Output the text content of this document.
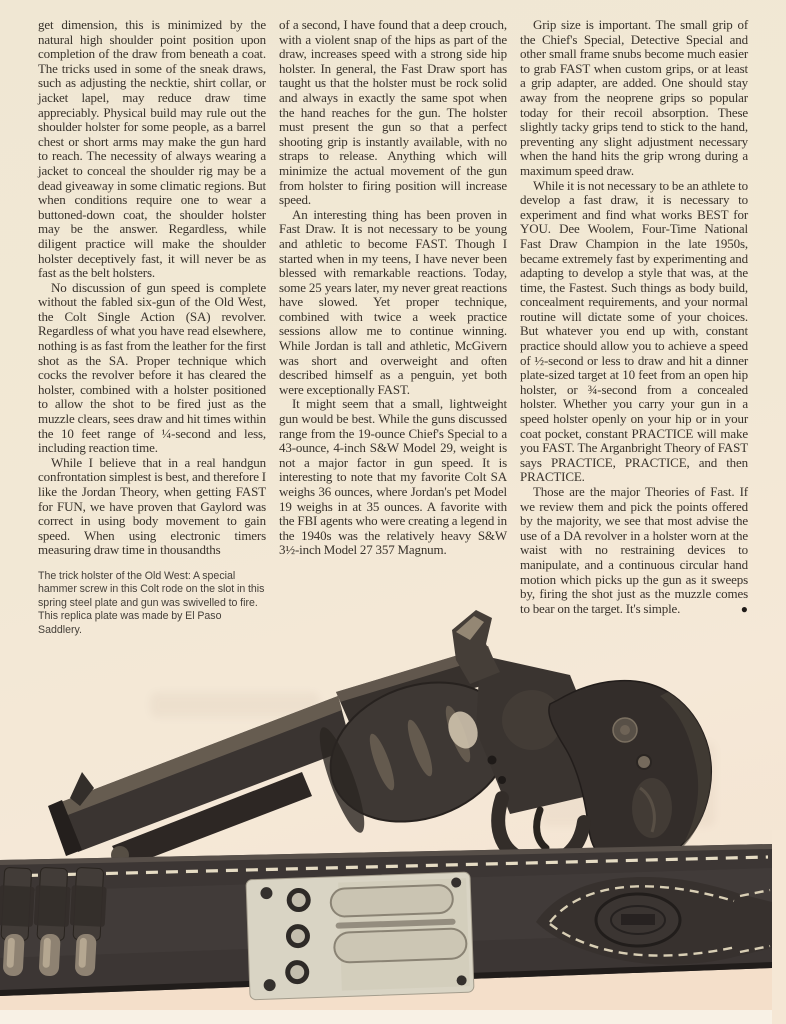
get dimension, this is minimized by the natural high shoulder point position upon completion of the draw from beneath a coat. The tricks used in some of the sneak draws, such as adjusting the necktie, shirt collar, or jacket lapel, may reduce draw time appreciably. Physical build may rule out the shoulder holster for some people, as a barrel chest or short arms may make the gun hard to reach. The necessity of always wearing a jacket to conceal the shoulder rig may be a dead giveaway in some climatic regions. But when conditions require one to wear a buttoned-down coat, the shoulder holster may be the answer. Regardless, while diligent practice will make the shoulder holster deceptively fast, it will never be as fast as the belt holsters.

No discussion of gun speed is complete without the fabled six-gun of the Old West, the Colt Single Action (SA) revolver. Regardless of what you have read elsewhere, nothing is as fast from the leather for the first shot as the SA. Proper technique which cocks the revolver before it has cleared the holster, combined with a holster positioned to allow the shot to be fired just as the muzzle clears, sees draw and hit times within the 10 feet range of ¼-second and less, including reaction time.

While I believe that in a real handgun confrontation simplest is best, and therefore I like the Jordan Theory, when getting FAST for FUN, we have proven that Gaylord was correct in using body movement to gain speed. When using electronic timers measuring draw time in thousandths

The trick holster of the Old West: A special hammer screw in this Colt rode on the slot in this spring steel plate and gun was swivelled to fire. This replica plate was made by El Paso Saddlery.

of a second, I have found that a deep crouch, with a violent snap of the hips as part of the draw, increases speed with a strong side hip holster. In general, the Fast Draw sport has taught us that the holster must be rock solid and always in exactly the same spot when the hand reaches for the gun. The holster must present the gun so that a perfect shooting grip is instantly available, with no straps to release. Anything which will minimize the actual movement of the gun from holster to firing position will increase speed.

An interesting thing has been proven in Fast Draw. It is not necessary to be young and athletic to become FAST. Though I started when in my teens, I have never been blessed with remarkable reactions. Today, some 25 years later, my never great reactions have slowed. Yet proper technique, combined with twice a week practice sessions allow me to continue winning. While Jordan is tall and athletic, McGivern was short and overweight and often described himself as a penguin, yet both were exceptionally FAST.

It might seem that a small, lightweight gun would be best. While the guns discussed range from the 19-ounce Chief's Special to a 43-ounce, 4-inch S&W Model 29, weight is not a major factor in gun speed. It is interesting to note that my favorite Colt SA weighs 36 ounces, where Jordan's pet Model 19 weighs in at 35 ounces. A favorite with the FBI agents who were creating a legend in the 1940s was the relatively heavy S&W 3½-inch Model 27 357 Magnum.

Grip size is important. The small grip of the Chief's Special, Detective Special and other small frame snubs become much easier to grab FAST when custom grips, or at least a grip adapter, are added. One should stay away from the neoprene grips so popular today for their recoil absorption. These slightly tacky grips tend to stick to the hand, preventing any slight adjustment necessary when the hand hits the grip wrong during a maximum speed draw.

While it is not necessary to be an athlete to develop a fast draw, it is necessary to experiment and find what works BEST for YOU. Dee Woolem, Four-Time National Fast Draw Champion in the late 1950s, became extremely fast by experimenting and adapting to develop a style that was, at the time, the Fastest. Such things as body build, concealment requirements, and your normal routine will dictate some of your choices. But whatever you end up with, constant practice should allow you to achieve a speed of ½-second or less to draw and hit a dinner plate-sized target at 10 feet from an open hip holster, or ¾-second from a concealed holster. Whether you carry your gun in a speed holster openly on your hip or in your coat pocket, constant PRACTICE will make you FAST. The Arganbright Theory of FAST says PRACTICE, PRACTICE, and then PRACTICE.

Those are the major Theories of Fast. If we review them and pick the points offered by the majority, we see that most advise the use of a DA revolver in a holster worn at the waist with no restraining devices to manipulate, and a continuous circular hand motion which picks up the gun as it sweeps by, firing the shot just as the muzzle comes to bear on the target. It's simple.	●
